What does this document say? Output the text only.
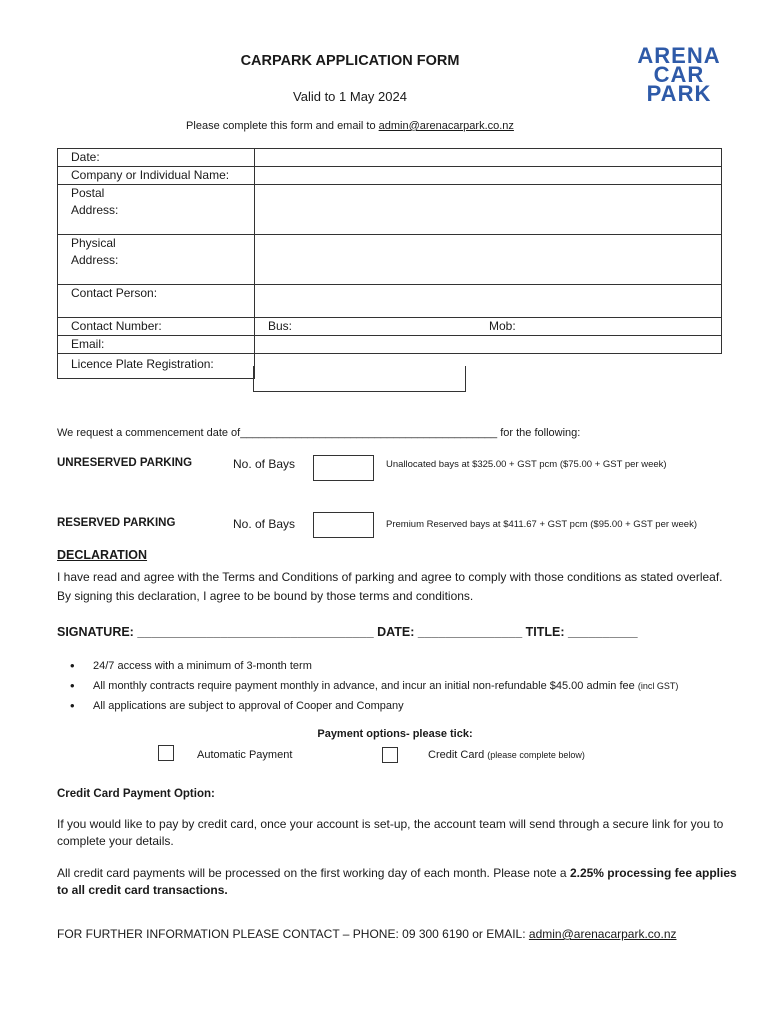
CARPARK APPLICATION FORM
Valid to 1 May 2024
Please complete this form and email to admin@arenacarpark.co.nz
ARENA
CAR
PARK
Date:	
Company or Individual Name:	

Postal
Address:	

Physical
Address:	

Contact Person:	
Contact Number:	Bus: Mob:

Email:	
Licence Plate Registration:	
We request a commencement date of__________________________________________ for the following:
UNRESERVED PARKING	No. of Bays	Unallocated bays at $325.00 + GST pcm ($75.00 + GST per week)
RESERVED PARKING	No. of Bays	Premium Reserved bays at $411.67 + GST pcm ($95.00 + GST per week)
DECLARATION
I have read and agree with the Terms and Conditions of parking and agree to comply with those conditions as stated overleaf. By signing this declaration, I agree to be bound by those terms and conditions.
SIGNATURE: __________________________________ DATE: _______________ TITLE: __________
• 24/7 access with a minimum of 3-month term
• All monthly contracts require payment monthly in advance, and incur an initial non-refundable $45.00 admin fee (incl GST)
• All applications are subject to approval of Cooper and Company
Payment options- please tick:
Automatic Payment	Credit Card (please complete below)
Credit Card Payment Option:
If you would like to pay by credit card, once your account is set-up, the account team will send through a secure link for you to complete your details.
All credit card payments will be processed on the first working day of each month. Please note a 2.25% processing fee applies to all credit card transactions.
FOR FURTHER INFORMATION PLEASE CONTACT – PHONE: 09 300 6190 or EMAIL: admin@arenacarpark.co.nz
